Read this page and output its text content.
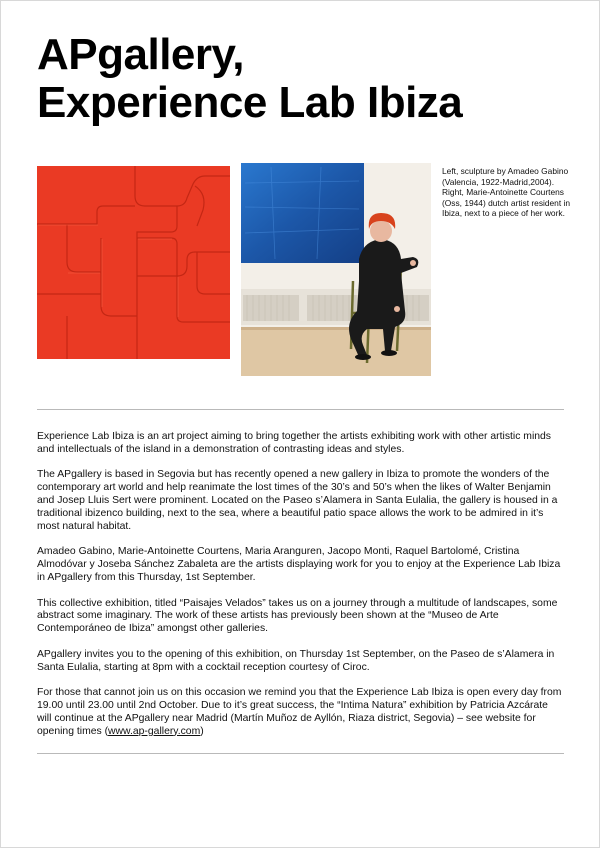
APgallery,
Experience Lab Ibiza
Left, sculpture by Amadeo Gabino (Valencia, 1922-Madrid,2004). Right, Marie-Antoinette Courtens (Oss, 1944) dutch artist resident in Ibiza, next to a piece of her work.

Experience Lab Ibiza is an art project aiming to bring together the artists exhibiting work with other artistic minds and intellectuals of the island in a demonstration of contrasting ideas and styles.

The APgallery is based in Segovia but has recently opened a new gallery in Ibiza to promote the wonders of the contemporary art world and help reanimate the lost times of the 30’s and 50’s when the likes of Walter Benjamin and Josep Lluis Sert were prominent. Located on the Paseo s’Alamera in Santa Eulalia, the gallery is housed in a traditional ibizenco building, next to the sea, where a beautiful patio space allows the work to be admired in it’s most natural habitat.

Amadeo Gabino, Marie-Antoinette Courtens, Maria Aranguren, Jacopo Monti, Raquel Bartolomé, Cristina Almodóvar y Joseba Sánchez Zabaleta are the artists displaying work for you to enjoy at the Experience Lab Ibiza in APgallery from this Thursday, 1st September.

This collective exhibition, titled “Paisajes Velados” takes us on a journey through a multitude of landscapes, some abstract some imaginary. The work of these artists has previously been shown at the “Museo de Arte Contemporáneo de Ibiza” amongst other galleries.

APgallery invites you to the opening of this exhibition, on Thursday 1st September, on the Paseo de s’Alamera in Santa Eulalia, starting at 8pm with a cocktail reception courtesy of Ciroc.

For those that cannot join us on this occasion we remind you that the Experience Lab Ibiza is open every day from 19.00 until 23.00 until 2nd October. Due to it’s great success, the “Intima Natura” exhibition by Patricia Azcárate will continue at the APgallery near Madrid (Martín Muñoz de Ayllón, Riaza district, Segovia) – see website for opening times (www.ap-gallery.com)
